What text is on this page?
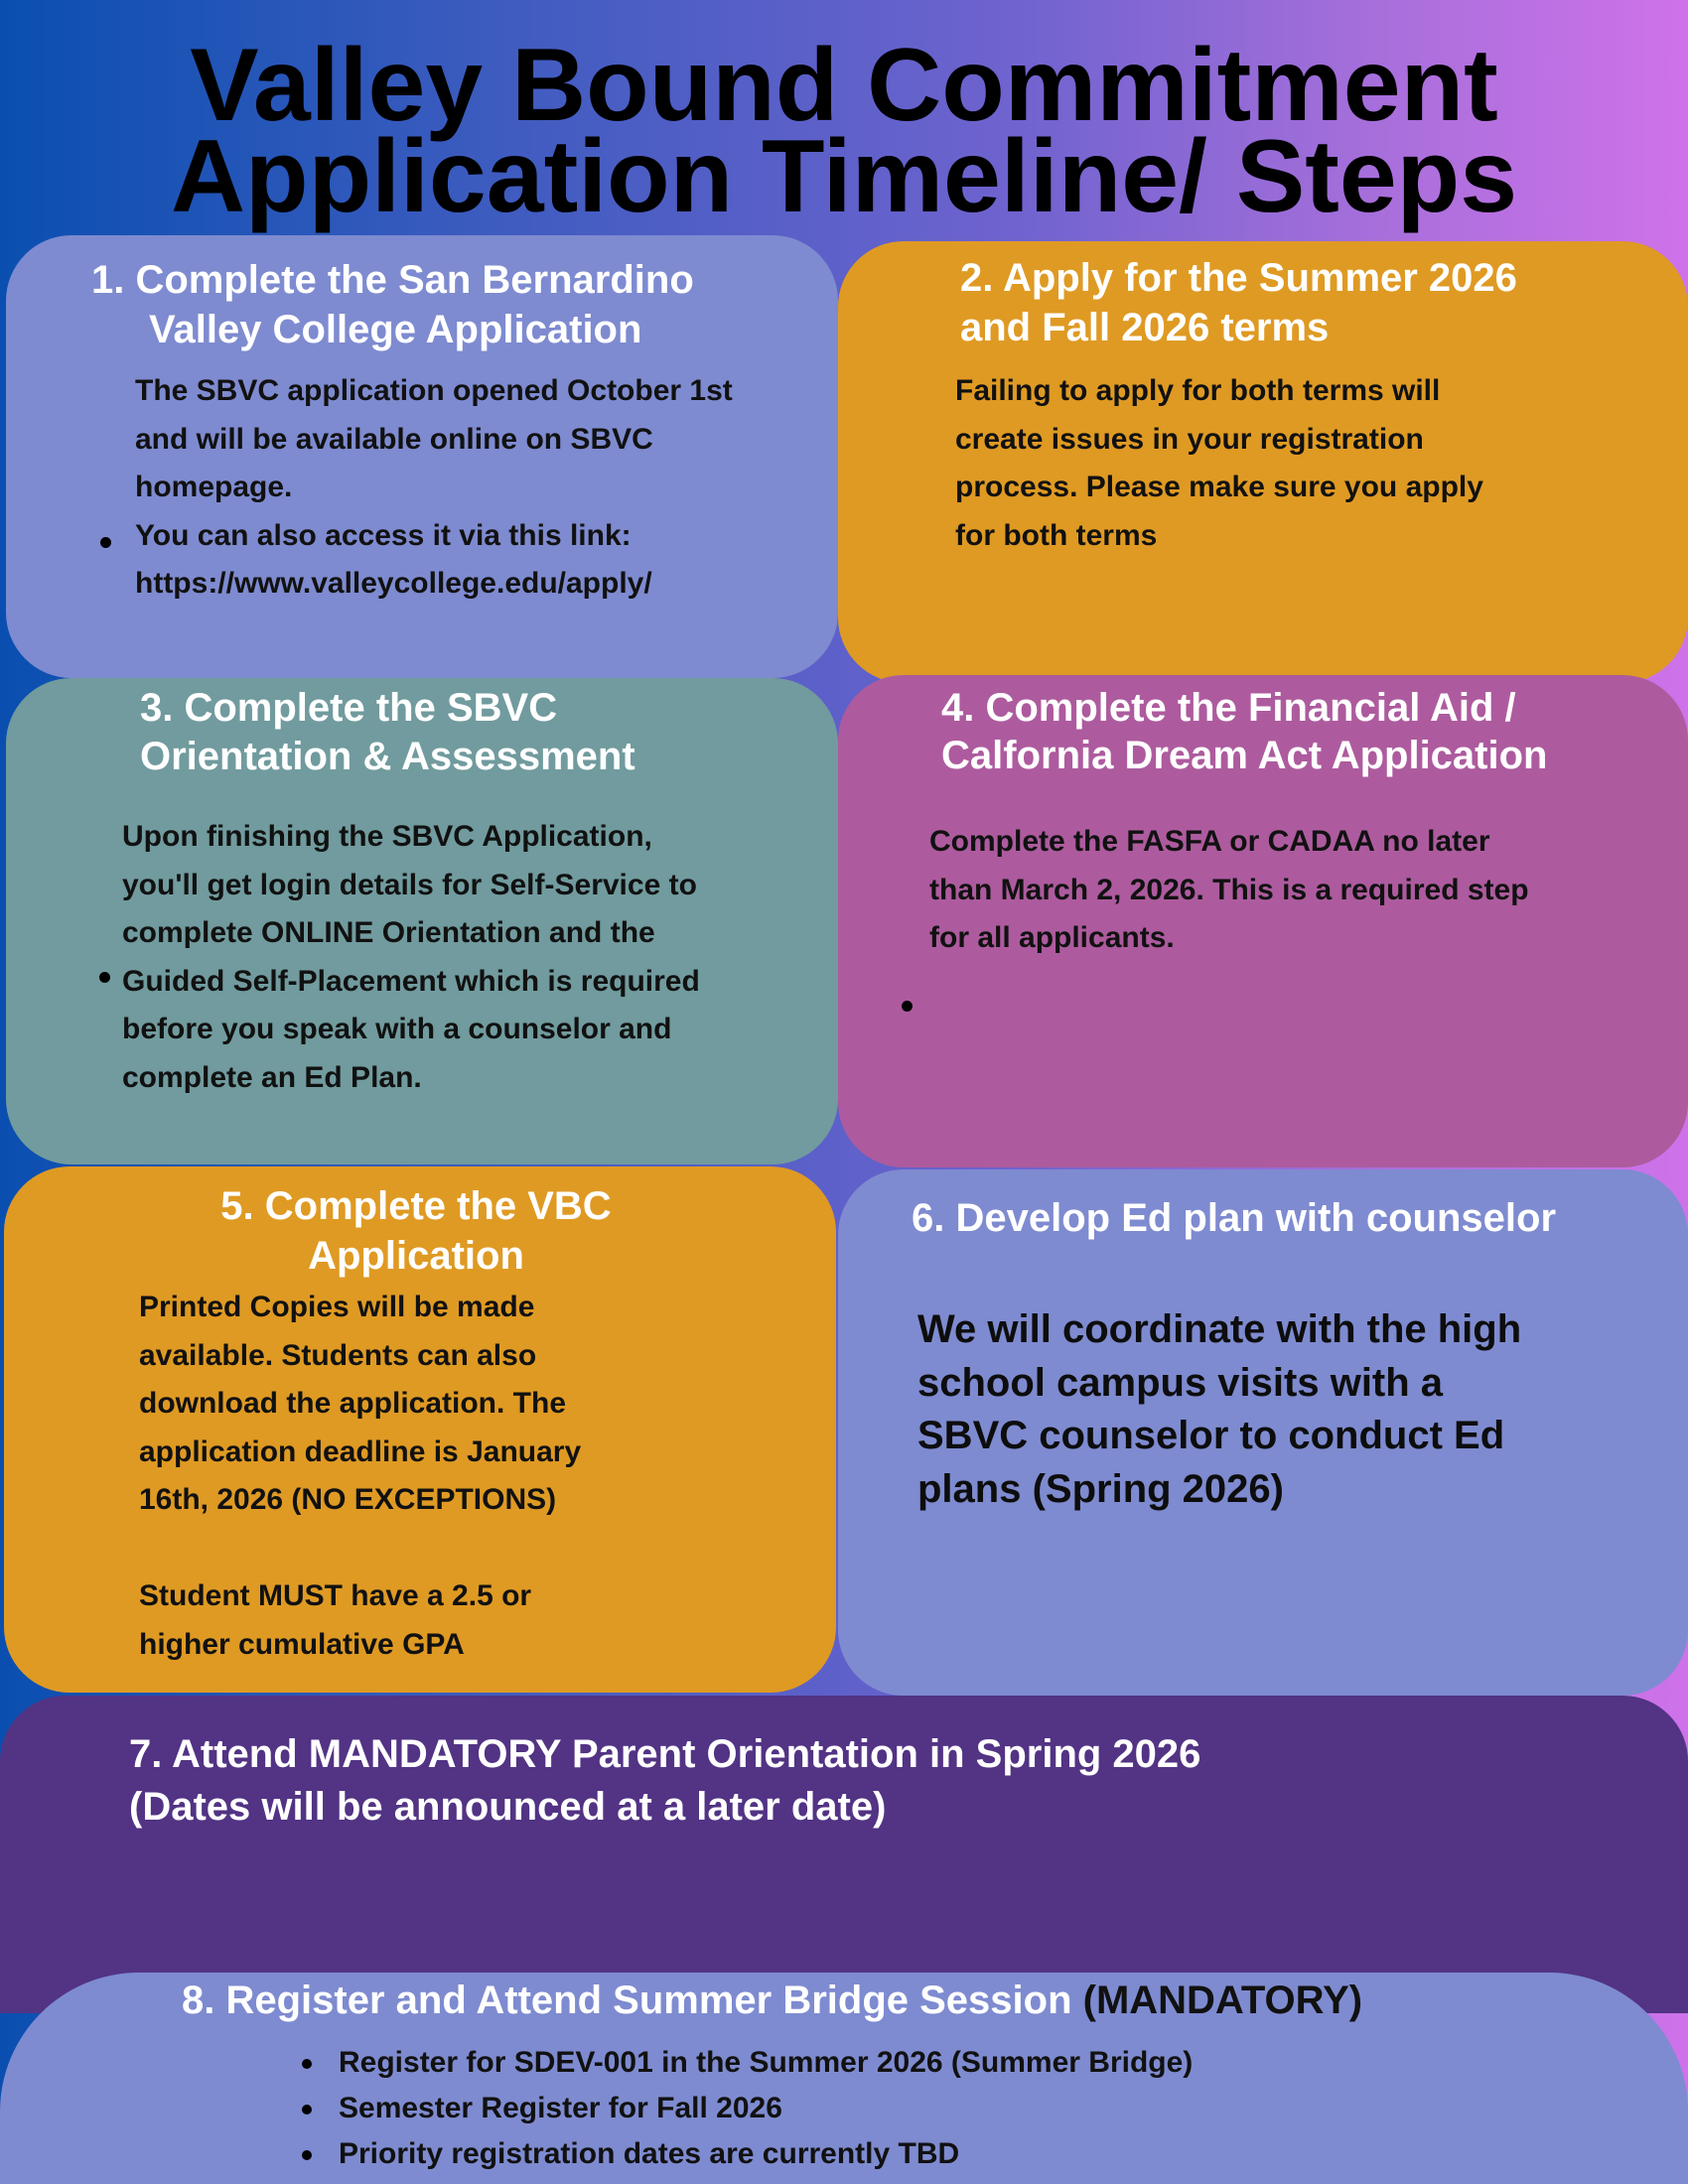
Valley Bound Commitment
Application Timeline/ Steps
1. Complete the San Bernardino
Valley College Application
The SBVC application opened October 1st
and will be available online on SBVC
homepage.
You can also access it via this link:
https://www.valleycollege.edu/apply/
2. Apply for the Summer 2026
and Fall 2026 terms
Failing to apply for both terms will
create issues in your registration
process. Please make sure you apply
for both terms
3. Complete the SBVC
Orientation & Assessment
Upon finishing the SBVC Application,
you'll get login details for Self-Service to
complete ONLINE Orientation and the
Guided Self-Placement which is required
before you speak with a counselor and
complete an Ed Plan.
4. Complete the Financial Aid /
Calfornia Dream Act Application
Complete the FASFA or CADAA no later
than March 2, 2026. This is a required step
for all applicants.
5. Complete the VBC
Application
Printed Copies will be made
available. Students can also
download the application. The
application deadline is January
16th, 2026 (NO EXCEPTIONS)
Student MUST have a 2.5 or
higher cumulative GPA
6. Develop Ed plan with counselor
We will coordinate with the high
school campus visits with a
SBVC counselor to conduct Ed
plans (Spring 2026)
7. Attend MANDATORY Parent Orientation in Spring 2026
(Dates will be announced at a later date)
8. Register and Attend Summer Bridge Session (MANDATORY)
Register for SDEV-001 in the Summer 2026 (Summer Bridge)
Semester Register for Fall 2026
Priority registration dates are currently TBD
